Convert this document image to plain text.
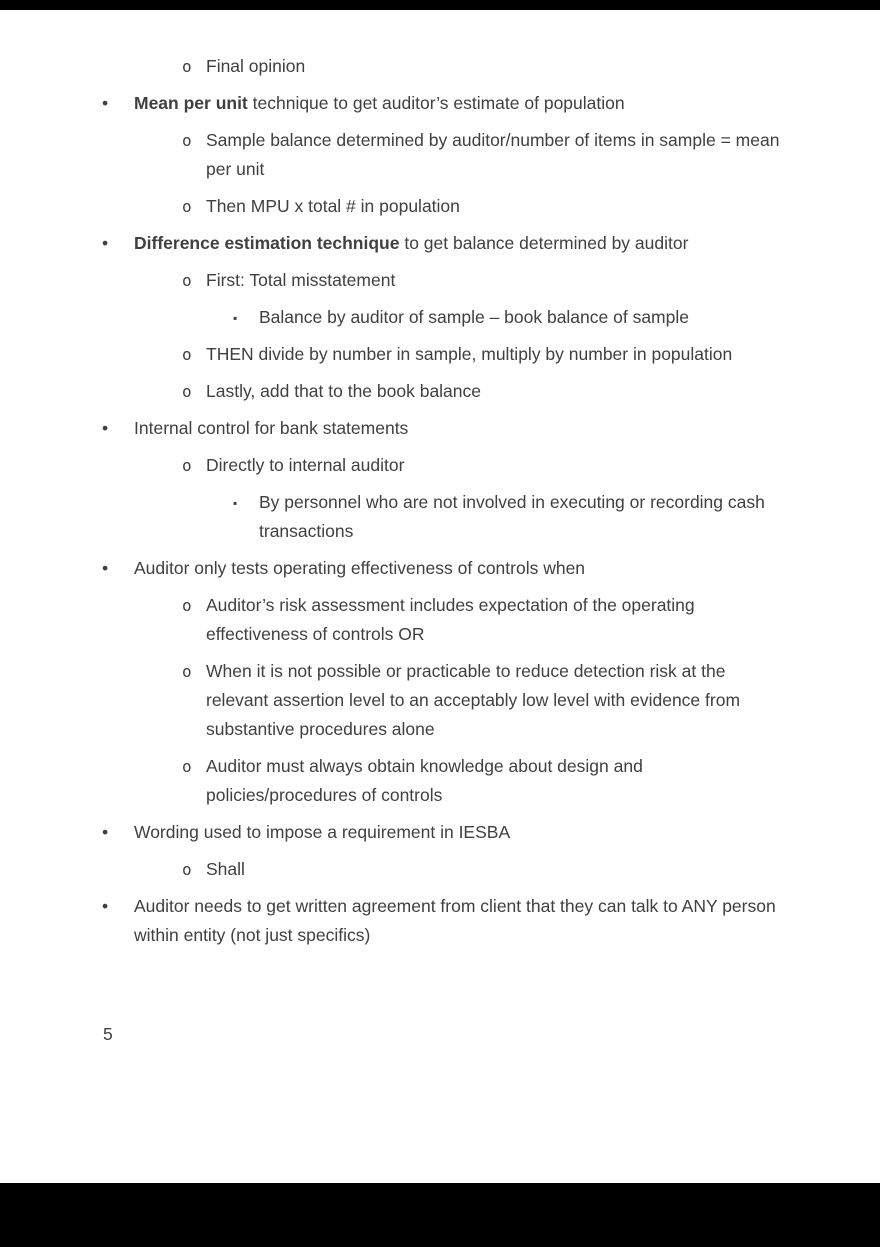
o Final opinion
• Mean per unit technique to get auditor’s estimate of population
o Sample balance determined by auditor/number of items in sample = mean per unit
o Then MPU x total # in population
• Difference estimation technique to get balance determined by auditor
o First: Total misstatement
▪ Balance by auditor of sample – book balance of sample
o THEN divide by number in sample, multiply by number in population
o Lastly, add that to the book balance
• Internal control for bank statements
o Directly to internal auditor
▪ By personnel who are not involved in executing or recording cash transactions
• Auditor only tests operating effectiveness of controls when
o Auditor’s risk assessment includes expectation of the operating effectiveness of controls OR
o When it is not possible or practicable to reduce detection risk at the relevant assertion level to an acceptably low level with evidence from substantive procedures alone
o Auditor must always obtain knowledge about design and policies/procedures of controls
• Wording used to impose a requirement in IESBA
o Shall
• Auditor needs to get written agreement from client that they can talk to ANY person within entity (not just specifics)
5
